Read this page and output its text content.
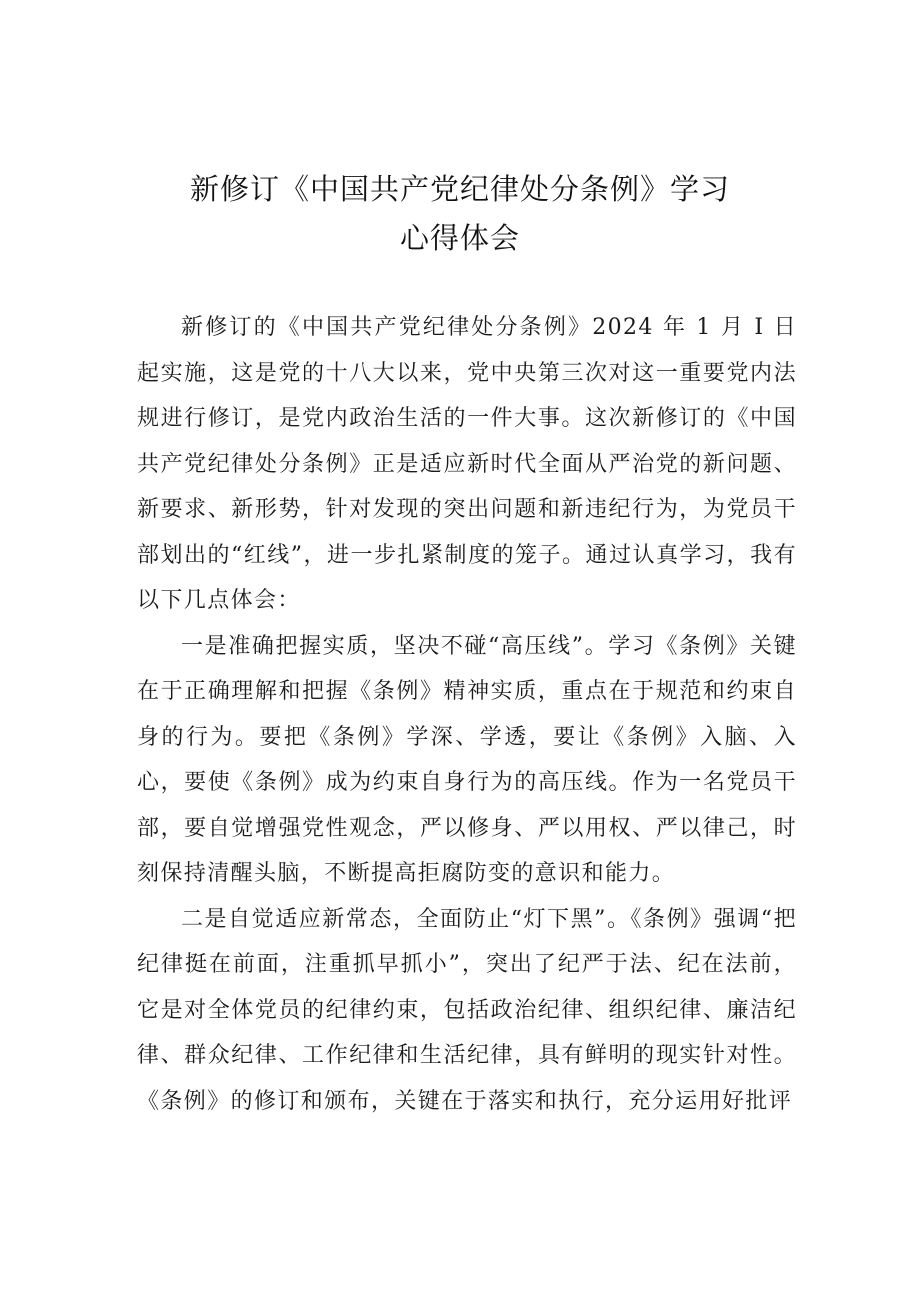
新修订《中国共产党纪律处分条例》学习
心得体会

新修订的《中国共产党纪律处分条例》2024 年 1 月 I 日起实施，这是党的十八大以来，党中央第三次对这一重要党内法规进行修订，是党内政治生活的一件大事。这次新修订的《中国共产党纪律处分条例》正是适应新时代全面从严治党的新问题、新要求、新形势，针对发现的突出问题和新违纪行为，为党员干部划出的“红线”，进一步扎紧制度的笼子。通过认真学习，我有以下几点体会：

一是准确把握实质，坚决不碰“高压线”。学习《条例》关键在于正确理解和把握《条例》精神实质，重点在于规范和约束自身的行为。要把《条例》学深、学透，要让《条例》入脑、入心，要使《条例》成为约束自身行为的高压线。作为一名党员干部，要自觉增强党性观念，严以修身、严以用权、严以律己，时刻保持清醒头脑，不断提高拒腐防变的意识和能力。

二是自觉适应新常态，全面防止“灯下黑”。《条例》强调“把纪律挺在前面，注重抓早抓小”，突出了纪严于法、纪在法前，它是对全体党员的纪律约束，包括政治纪律、组织纪律、廉洁纪律、群众纪律、工作纪律和生活纪律，具有鲜明的现实针对性。《条例》的修订和颁布，关键在于落实和执行，充分运用好批评
